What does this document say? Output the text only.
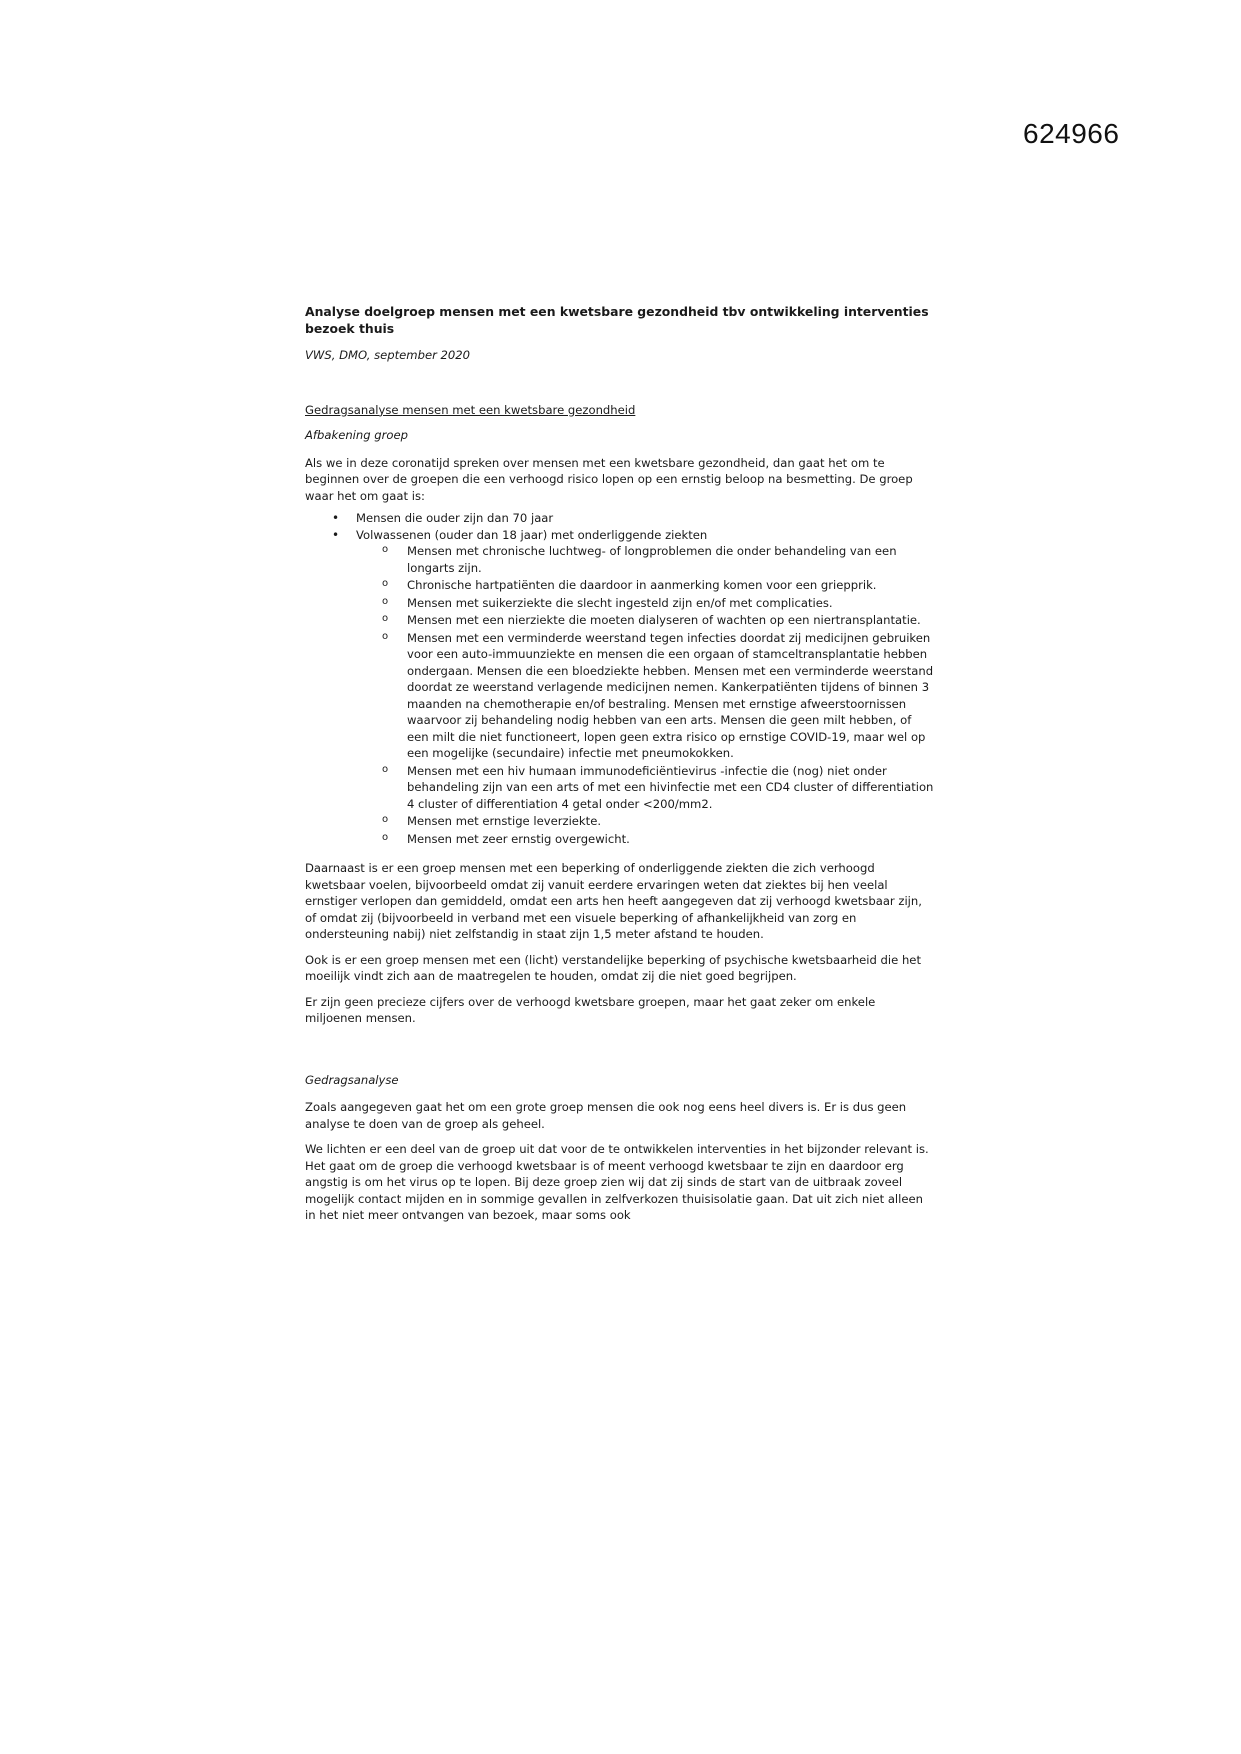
624966

Analyse doelgroep mensen met een kwetsbare gezondheid tbv ontwikkeling interventies bezoek thuis

VWS, DMO, september 2020

Gedragsanalyse mensen met een kwetsbare gezondheid

Afbakening groep

Als we in deze coronatijd spreken over mensen met een kwetsbare gezondheid, dan gaat het om te beginnen over de groepen die een verhoogd risico lopen op een ernstig beloop na besmetting. De groep waar het om gaat is:

• Mensen die ouder zijn dan 70 jaar
• Volwassenen (ouder dan 18 jaar) met onderliggende ziekten
o Mensen met chronische luchtweg- of longproblemen die onder behandeling van een longarts zijn.
o Chronische hartpatiënten die daardoor in aanmerking komen voor een griepprik.
o Mensen met suikerziekte die slecht ingesteld zijn en/of met complicaties.
o Mensen met een nierziekte die moeten dialyseren of wachten op een niertransplantatie.
o Mensen met een verminderde weerstand tegen infecties doordat zij medicijnen gebruiken voor een auto-immuunziekte en mensen die een orgaan of stamceltransplantatie hebben ondergaan. Mensen die een bloedziekte hebben. Mensen met een verminderde weerstand doordat ze weerstand verlagende medicijnen nemen. Kankerpatiënten tijdens of binnen 3 maanden na chemotherapie en/of bestraling. Mensen met ernstige afweerstoornissen waarvoor zij behandeling nodig hebben van een arts. Mensen die geen milt hebben, of een milt die niet functioneert, lopen geen extra risico op ernstige COVID-19, maar wel op een mogelijke (secundaire) infectie met pneumokokken.
o Mensen met een hiv humaan immunodeficiëntievirus -infectie die (nog) niet onder behandeling zijn van een arts of met een hivinfectie met een CD4 cluster of differentiation 4 cluster of differentiation 4 getal onder <200/mm2.
o Mensen met ernstige leverziekte.
o Mensen met zeer ernstig overgewicht.

Daarnaast is er een groep mensen met een beperking of onderliggende ziekten die zich verhoogd kwetsbaar voelen, bijvoorbeeld omdat zij vanuit eerdere ervaringen weten dat ziektes bij hen veelal ernstiger verlopen dan gemiddeld, omdat een arts hen heeft aangegeven dat zij verhoogd kwetsbaar zijn, of omdat zij (bijvoorbeeld in verband met een visuele beperking of afhankelijkheid van zorg en ondersteuning nabij) niet zelfstandig in staat zijn 1,5 meter afstand te houden.

Ook is er een groep mensen met een (licht) verstandelijke beperking of psychische kwetsbaarheid die het moeilijk vindt zich aan de maatregelen te houden, omdat zij die niet goed begrijpen.

Er zijn geen precieze cijfers over de verhoogd kwetsbare groepen, maar het gaat zeker om enkele miljoenen mensen.

Gedragsanalyse

Zoals aangegeven gaat het om een grote groep mensen die ook nog eens heel divers is. Er is dus geen analyse te doen van de groep als geheel.

We lichten er een deel van de groep uit dat voor de te ontwikkelen interventies in het bijzonder relevant is. Het gaat om de groep die verhoogd kwetsbaar is of meent verhoogd kwetsbaar te zijn en daardoor erg angstig is om het virus op te lopen. Bij deze groep zien wij dat zij sinds de start van de uitbraak zoveel mogelijk contact mijden en in sommige gevallen in zelfverkozen thuisisolatie gaan. Dat uit zich niet alleen in het niet meer ontvangen van bezoek, maar soms ook
